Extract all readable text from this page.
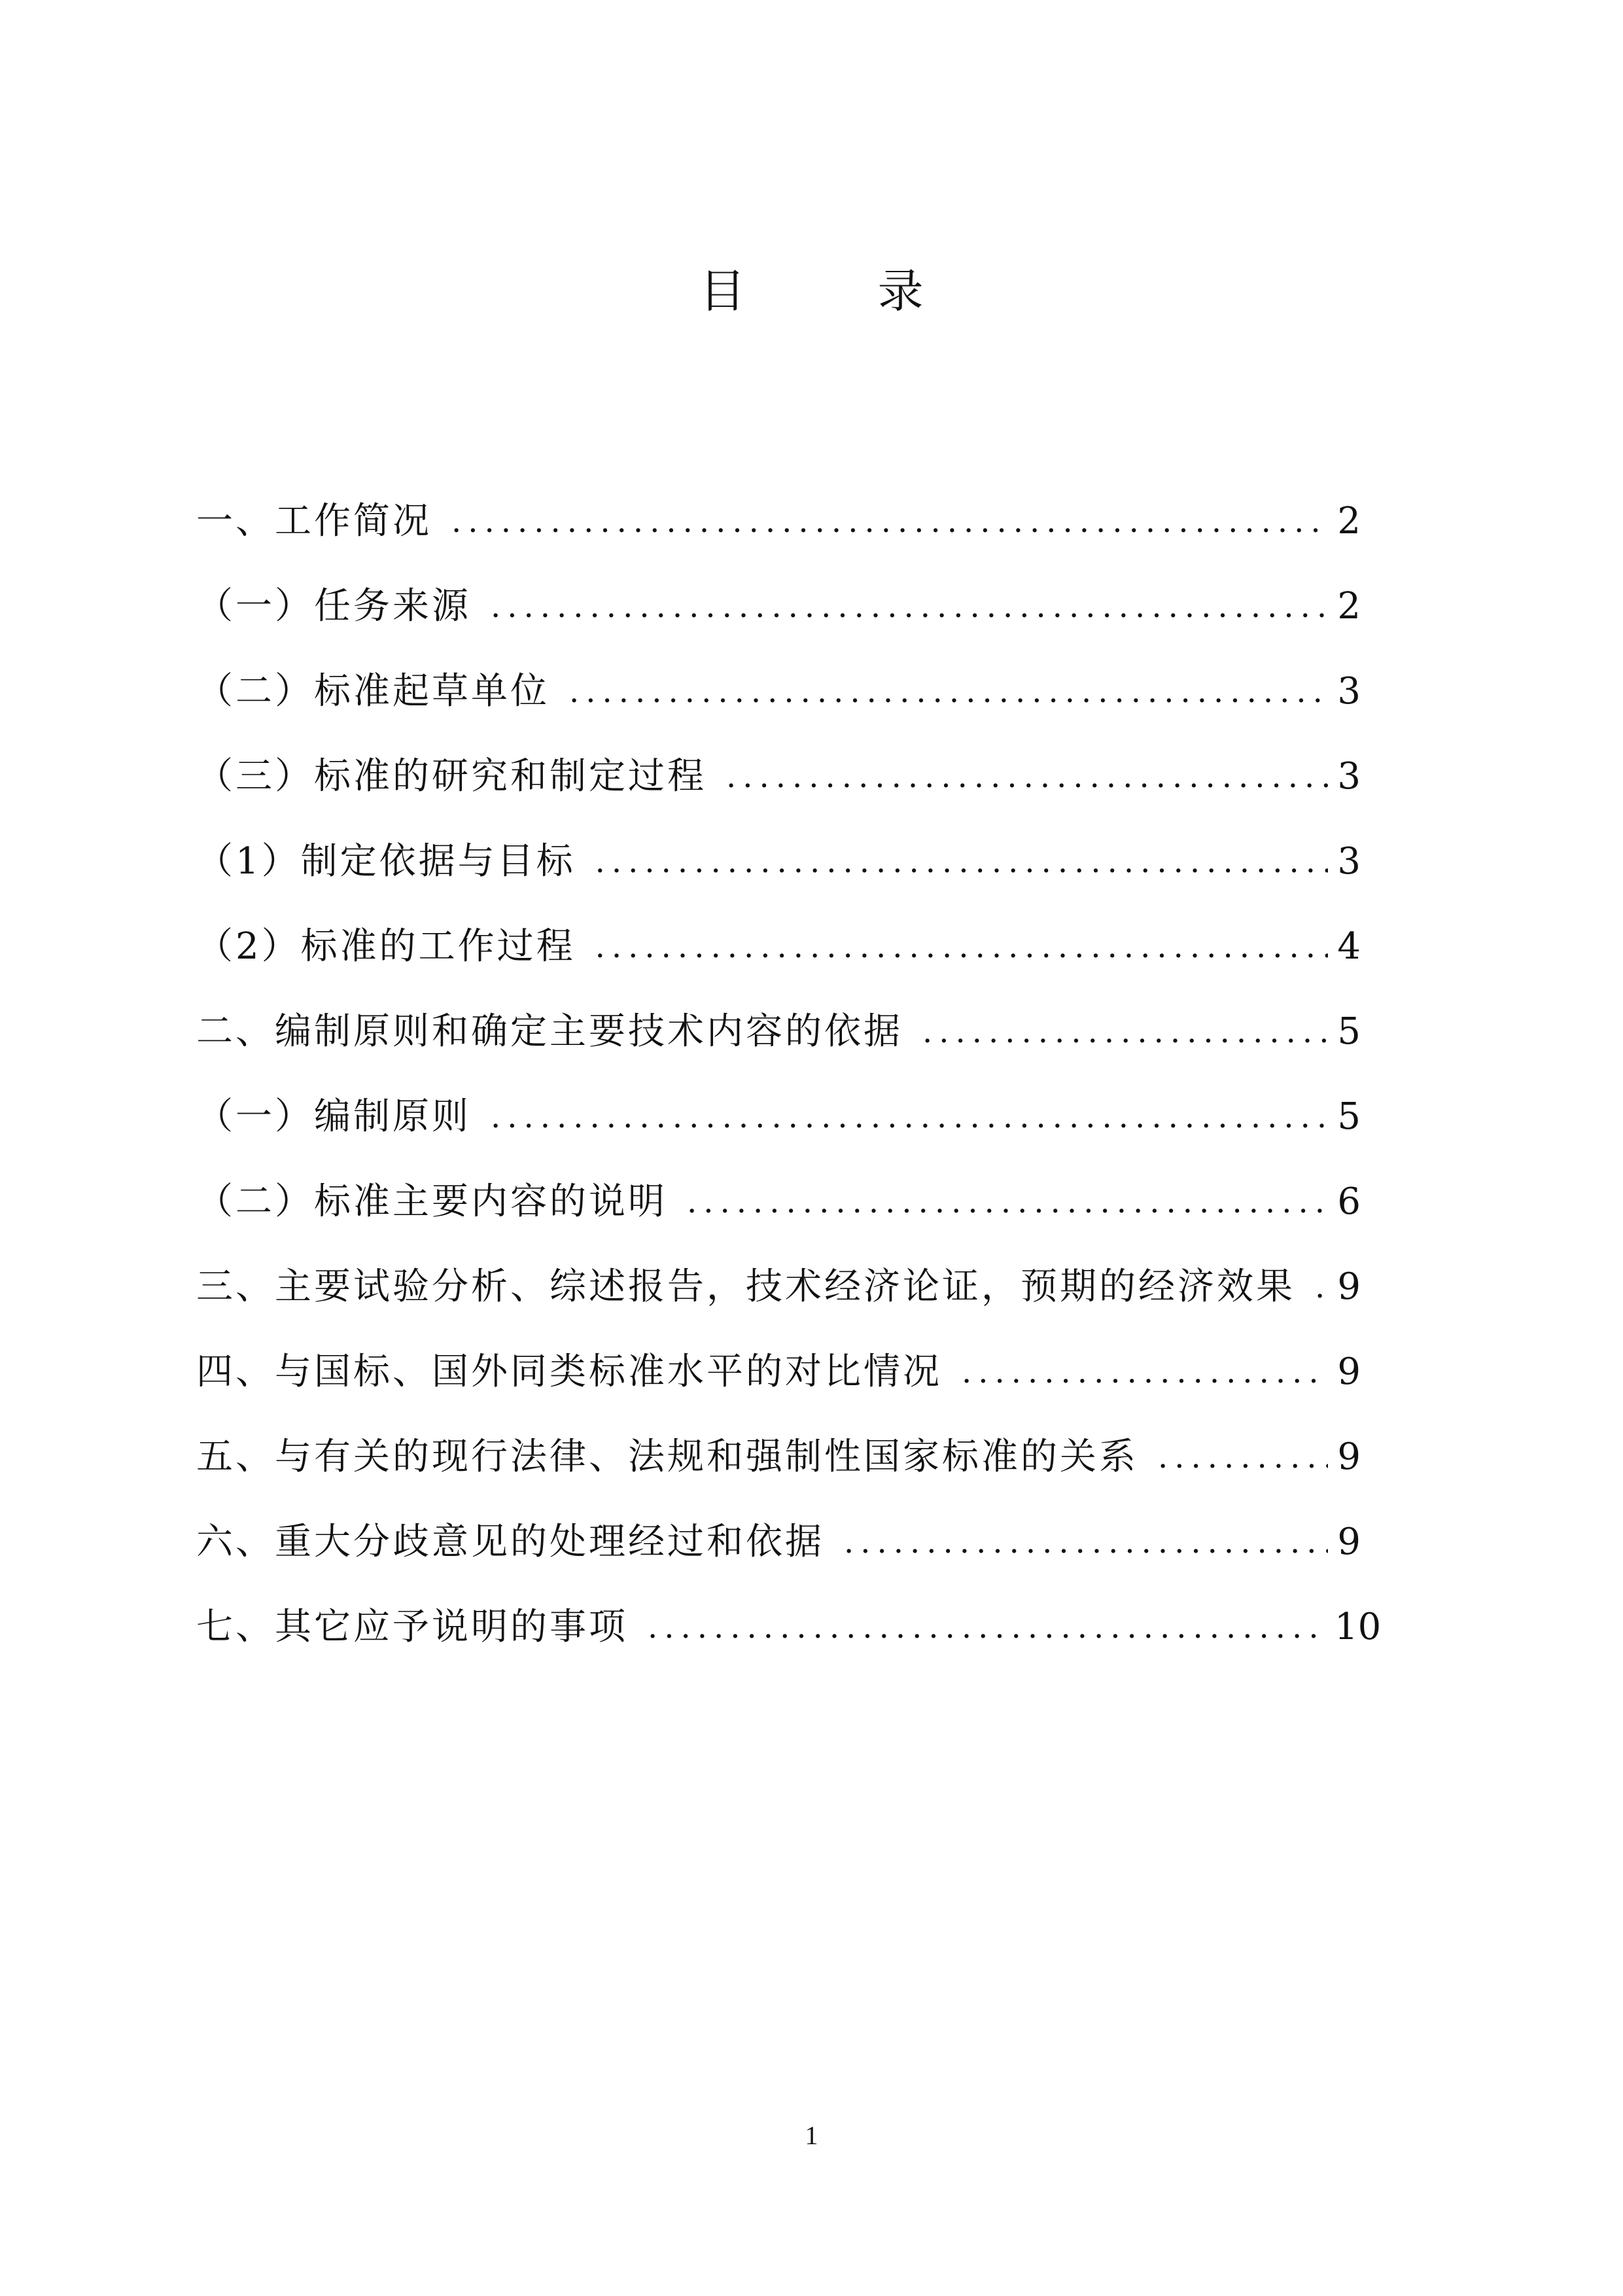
目 录
一、工作简况 .....	2
（一）任务来源 .....	2
（二）标准起草单位 .....	3
（三）标准的研究和制定过程 .....	3
（1）制定依据与目标 .....	3
（2）标准的工作过程 .....	4
二、编制原则和确定主要技术内容的依据 .....	5
（一）编制原则 .....	5
（二）标准主要内容的说明 .....	6
三、主要试验分析、综述报告，技术经济论证，预期的经济效果 ..... 9
四、与国标、国外同类标准水平的对比情况 .....	9
五、与有关的现行法律、法规和强制性国家标准的关系 .....	9
六、重大分歧意见的处理经过和依据 .....	9
七、其它应予说明的事项 .....	10
1
